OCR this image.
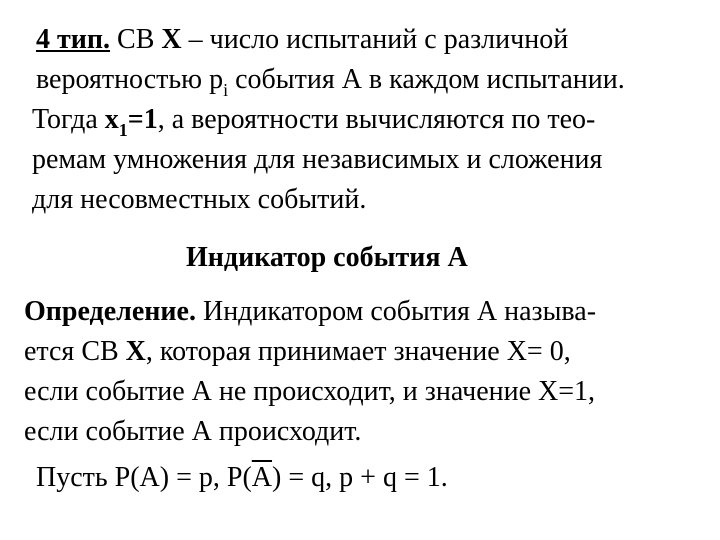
4 тип. СВ Х – число испытаний с различной
вероятностью $р_i$ события А в каждом испытании.
Тогда $х_1=1$, а вероятности вычисляются по тео-
ремам умножения для независимых и сложения
для несовместных событий.
Индикатор события А
Определение. Индикатором события А называ-
ется СВ Х, которая принимает значение Х= 0,
если событие А не происходит, и значение Х=1,
если событие А происходит.
Пусть Р(А) = р, Р(А) = q, p + q = 1.
